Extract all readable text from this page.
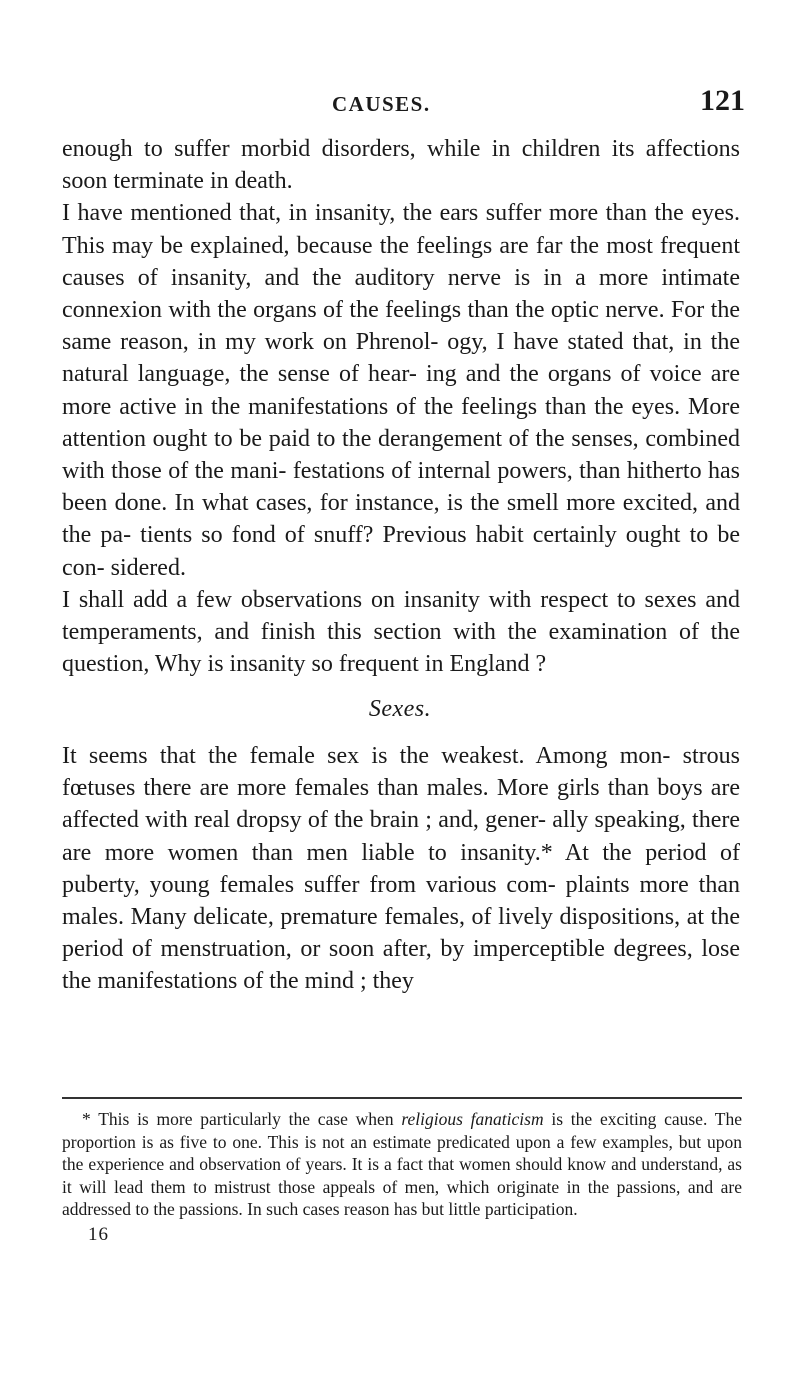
CAUSES.	121

enough to suffer morbid disorders, while in children its affections soon terminate in death.

I have mentioned that, in insanity, the ears suffer more than the eyes. This may be explained, because the feelings are far the most frequent causes of insanity, and the auditory nerve is in a more intimate connexion with the organs of the feelings than the optic nerve. For the same reason, in my work on Phrenol- ogy, I have stated that, in the natural language, the sense of hear- ing and the organs of voice are more active in the manifestations of the feelings than the eyes. More attention ought to be paid to the derangement of the senses, combined with those of the mani- festations of internal powers, than hitherto has been done. In what cases, for instance, is the smell more excited, and the pa- tients so fond of snuff? Previous habit certainly ought to be con- sidered.

I shall add a few observations on insanity with respect to sexes and temperaments, and finish this section with the examination of the question, Why is insanity so frequent in England ?

Sexes.

It seems that the female sex is the weakest. Among mon- strous fœtuses there are more females than males. More girls than boys are affected with real dropsy of the brain ; and, gener- ally speaking, there are more women than men liable to insanity.* At the period of puberty, young females suffer from various com- plaints more than males. Many delicate, premature females, of lively dispositions, at the period of menstruation, or soon after, by imperceptible degrees, lose the manifestations of the mind ; they

* This is more particularly the case when religious fanaticism is the exciting cause. The proportion is as five to one. This is not an estimate predicated upon a few examples, but upon the experience and observation of years. It is a fact that women should know and understand, as it will lead them to mistrust those appeals of men, which originate in the passions, and are addressed to the passions. In such cases reason has but little participation.

16
